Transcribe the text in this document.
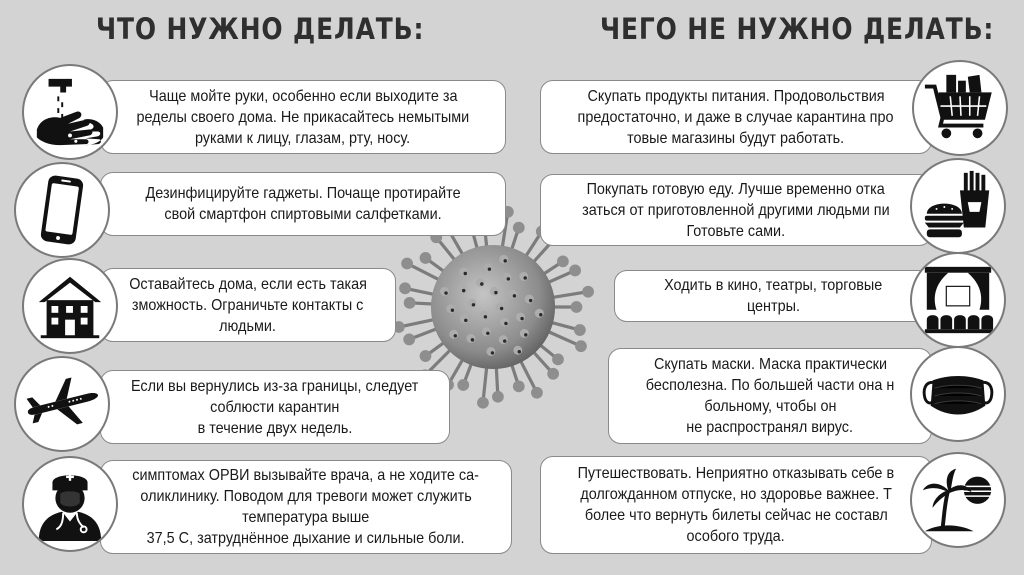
ЧТО НУЖНО ДЕЛАТЬ:	ЧЕГО НЕ НУЖНО ДЕЛАТЬ:
Чаще мойте руки, особенно если выходите за
ределы своего дома. Не прикасайтесь немытыми
руками к лицу, глазам, рту, носу.
Дезинфицируйте гаджеты. Почаще протирайте
свой смартфон спиртовыми салфетками.
Оставайтесь дома, если есть такая
зможность. Ограничьте контакты с
людьми.
Если вы вернулись из-за границы, следует
соблюсти карантин
в течение двух недель.
симптомах ОРВИ вызывайте врача, а не ходите са-
оликлинику. Поводом для тревоги может служить
температура выше
37,5 С, затруднённое дыхание и сильные боли.
Скупать продукты питания. Продовольствия
предостаточно, и даже в случае карантина про
товые магазины будут работать.
Покупать готовую еду. Лучше временно отка
заться от приготовленной другими людьми пи
Готовьте сами.
Ходить в кино, театры, торговые
центры.
Скупать маски. Маска практически
бесполезна. По большей части она н
больному, чтобы он
не распространял вирус.
Путешествовать. Неприятно отказывать себе в
долгожданном отпуске, но здоровье важнее. Т
более что вернуть билеты сейчас не составл
особого труда.
